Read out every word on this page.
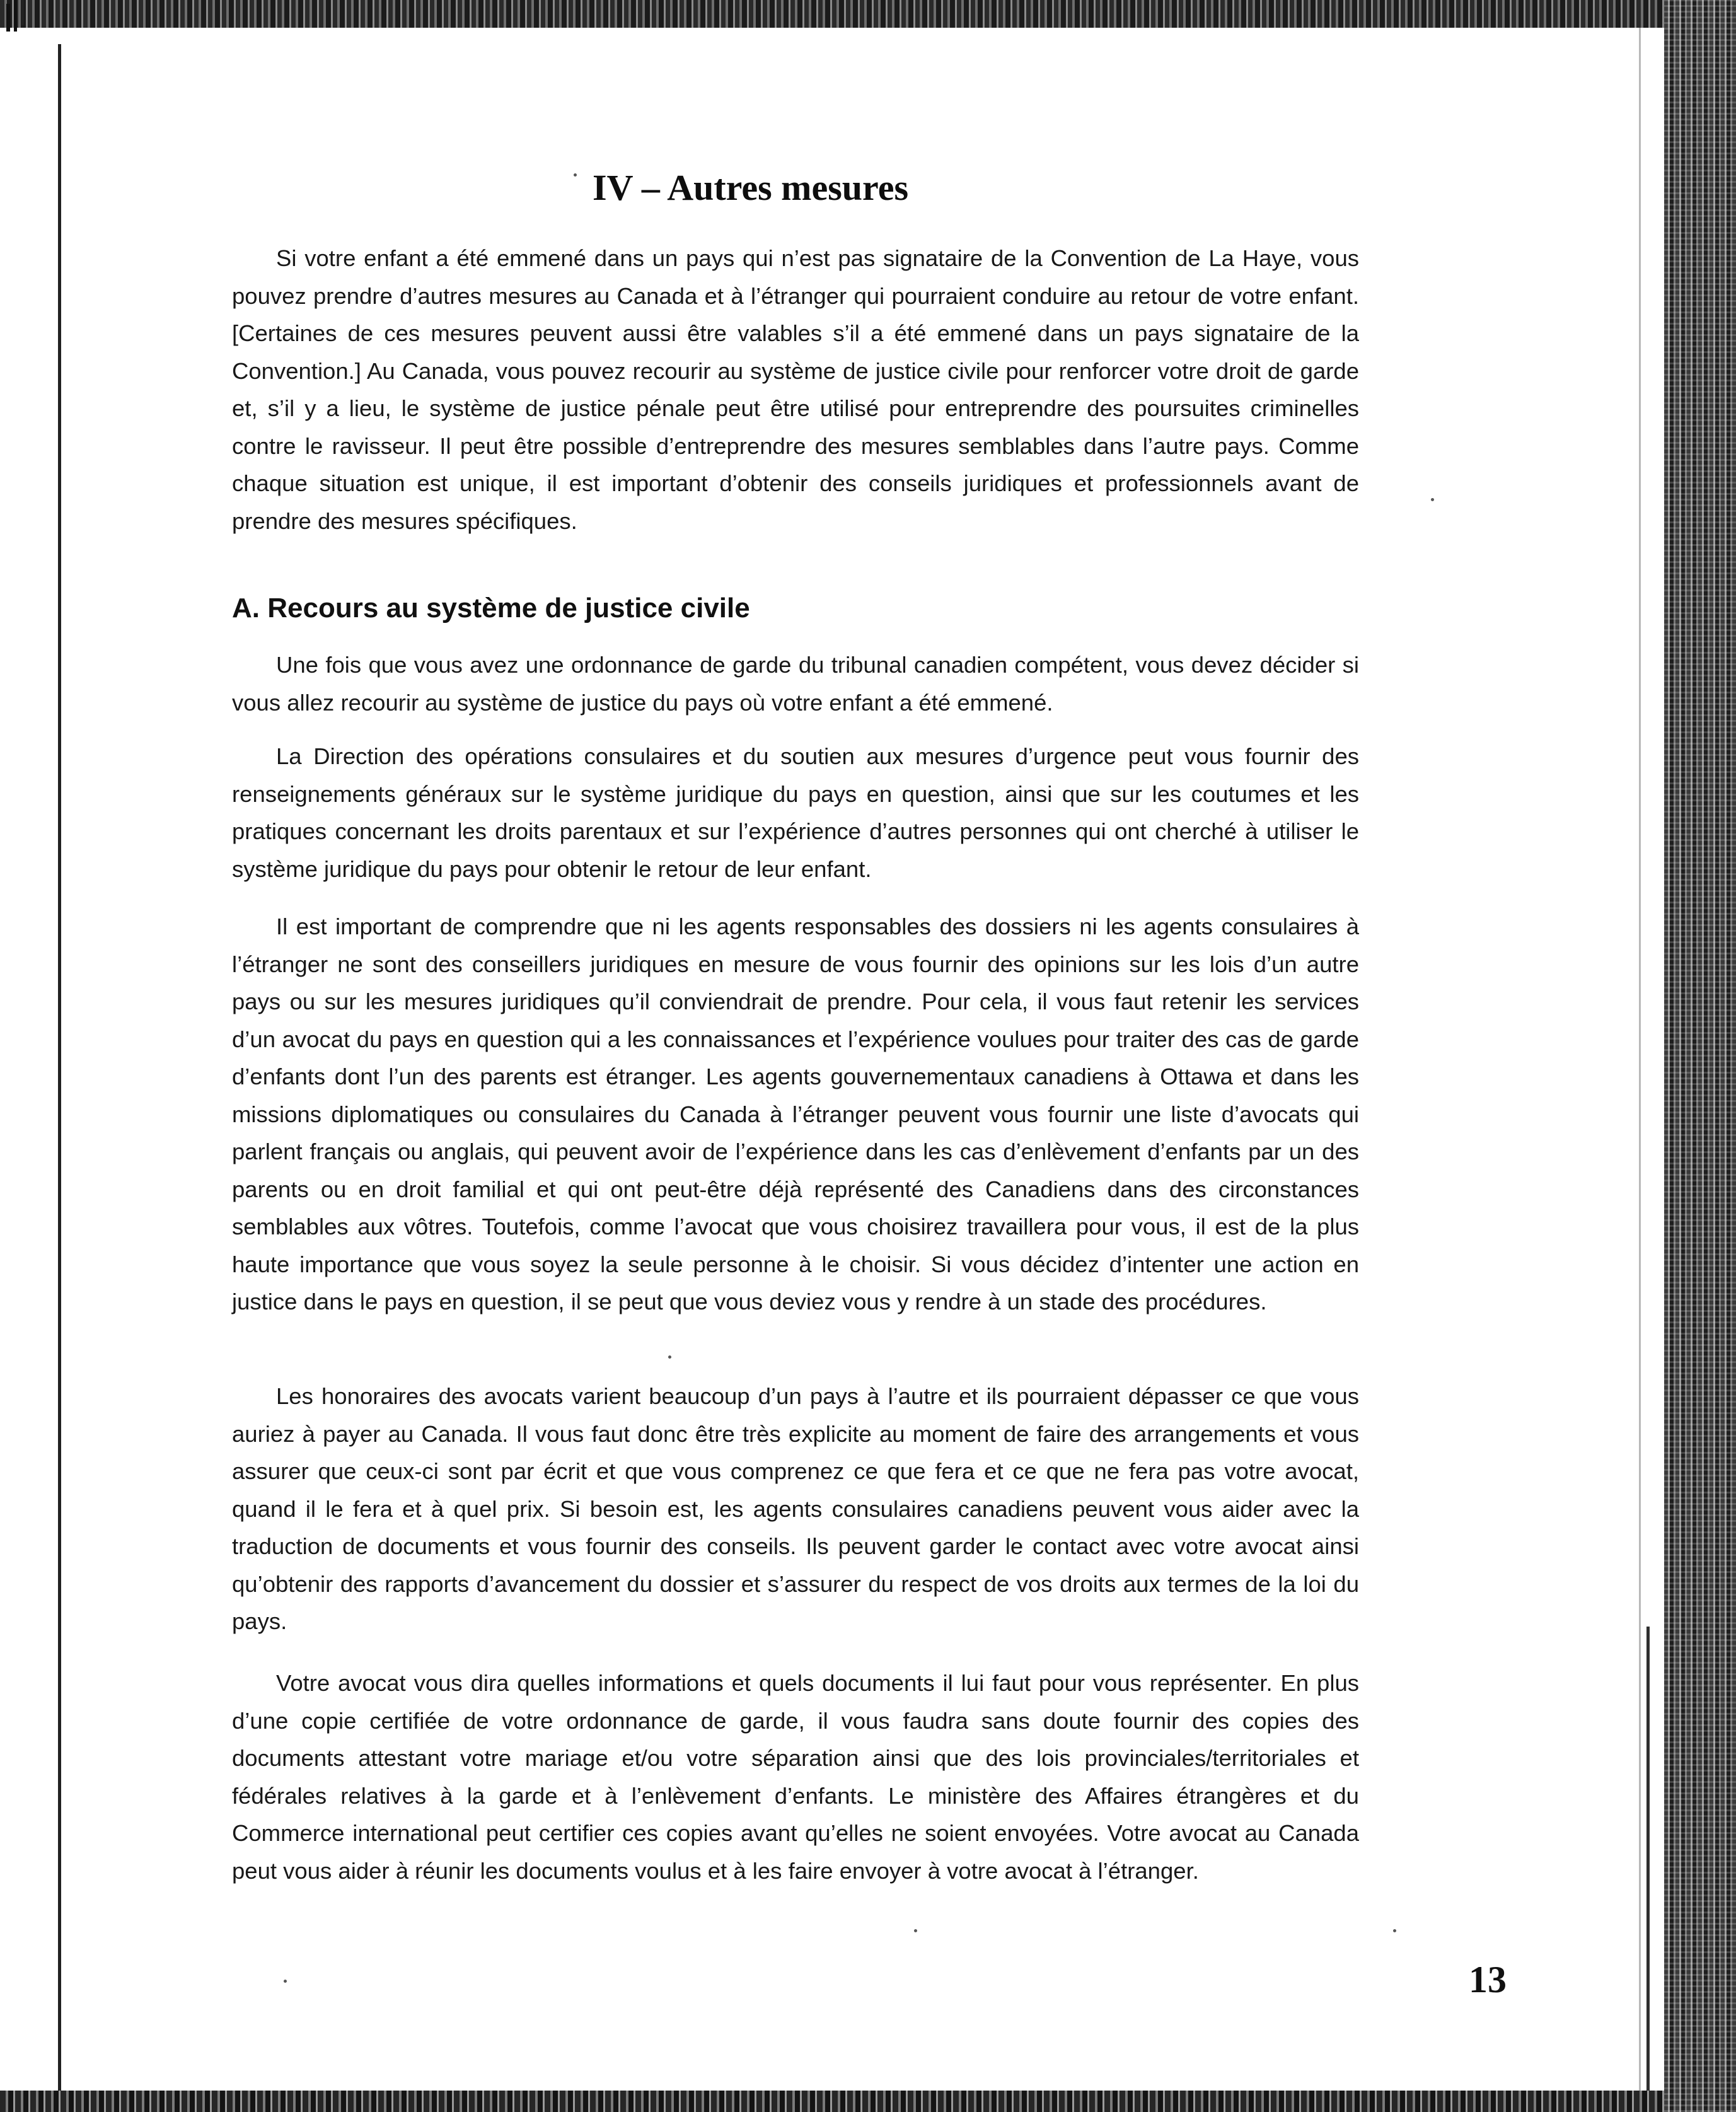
IV – Autres mesures

Si votre enfant a été emmené dans un pays qui n’est pas signataire de la Convention de La Haye, vous pouvez prendre d’autres mesures au Canada et à l’étranger qui pourraient conduire au retour de votre enfant. [Certaines de ces mesures peuvent aussi être valables s’il a été emmené dans un pays signataire de la Convention.] Au Canada, vous pouvez recourir au système de justice civile pour renforcer votre droit de garde et, s’il y a lieu, le système de justice pénale peut être utilisé pour entreprendre des poursuites criminelles contre le ravisseur. Il peut être possible d’entreprendre des mesures semblables dans l’autre pays. Comme chaque situation est unique, il est important d’obtenir des conseils juridiques et professionnels avant de prendre des mesures spécifiques.

A. Recours au système de justice civile

Une fois que vous avez une ordonnance de garde du tribunal canadien compétent, vous devez décider si vous allez recourir au système de justice du pays où votre enfant a été emmené.

La Direction des opérations consulaires et du soutien aux mesures d’urgence peut vous fournir des renseignements généraux sur le système juridique du pays en question, ainsi que sur les coutumes et les pratiques concernant les droits parentaux et sur l’expérience d’autres personnes qui ont cherché à utiliser le système juridique du pays pour obtenir le retour de leur enfant.

Il est important de comprendre que ni les agents responsables des dossiers ni les agents consulaires à l’étranger ne sont des conseillers juridiques en mesure de vous fournir des opinions sur les lois d’un autre pays ou sur les mesures juridiques qu’il conviendrait de prendre. Pour cela, il vous faut retenir les services d’un avocat du pays en question qui a les connaissances et l’expérience voulues pour traiter des cas de garde d’enfants dont l’un des parents est étranger. Les agents gouvernementaux canadiens à Ottawa et dans les missions diplomatiques ou consulaires du Canada à l’étranger peuvent vous fournir une liste d’avocats qui parlent français ou anglais, qui peuvent avoir de l’expérience dans les cas d’enlèvement d’enfants par un des parents ou en droit familial et qui ont peut-être déjà représenté des Canadiens dans des circonstances semblables aux vôtres. Toutefois, comme l’avocat que vous choisirez travaillera pour vous, il est de la plus haute importance que vous soyez la seule personne à le choisir. Si vous décidez d’intenter une action en justice dans le pays en question, il se peut que vous deviez vous y rendre à un stade des procédures.

Les honoraires des avocats varient beaucoup d’un pays à l’autre et ils pourraient dépasser ce que vous auriez à payer au Canada. Il vous faut donc être très explicite au moment de faire des arrangements et vous assurer que ceux-ci sont par écrit et que vous comprenez ce que fera et ce que ne fera pas votre avocat, quand il le fera et à quel prix. Si besoin est, les agents consulaires canadiens peuvent vous aider avec la traduction de documents et vous fournir des conseils. Ils peuvent garder le contact avec votre avocat ainsi qu’obtenir des rapports d’avancement du dossier et s’assurer du respect de vos droits aux termes de la loi du pays.

Votre avocat vous dira quelles informations et quels documents il lui faut pour vous représenter. En plus d’une copie certifiée de votre ordonnance de garde, il vous faudra sans doute fournir des copies des documents attestant votre mariage et/ou votre séparation ainsi que des lois provinciales/territoriales et fédérales relatives à la garde et à l’enlèvement d’enfants. Le ministère des Affaires étrangères et du Commerce international peut certifier ces copies avant qu’elles ne soient envoyées. Votre avocat au Canada peut vous aider à réunir les documents voulus et à les faire envoyer à votre avocat à l’étranger.

13
